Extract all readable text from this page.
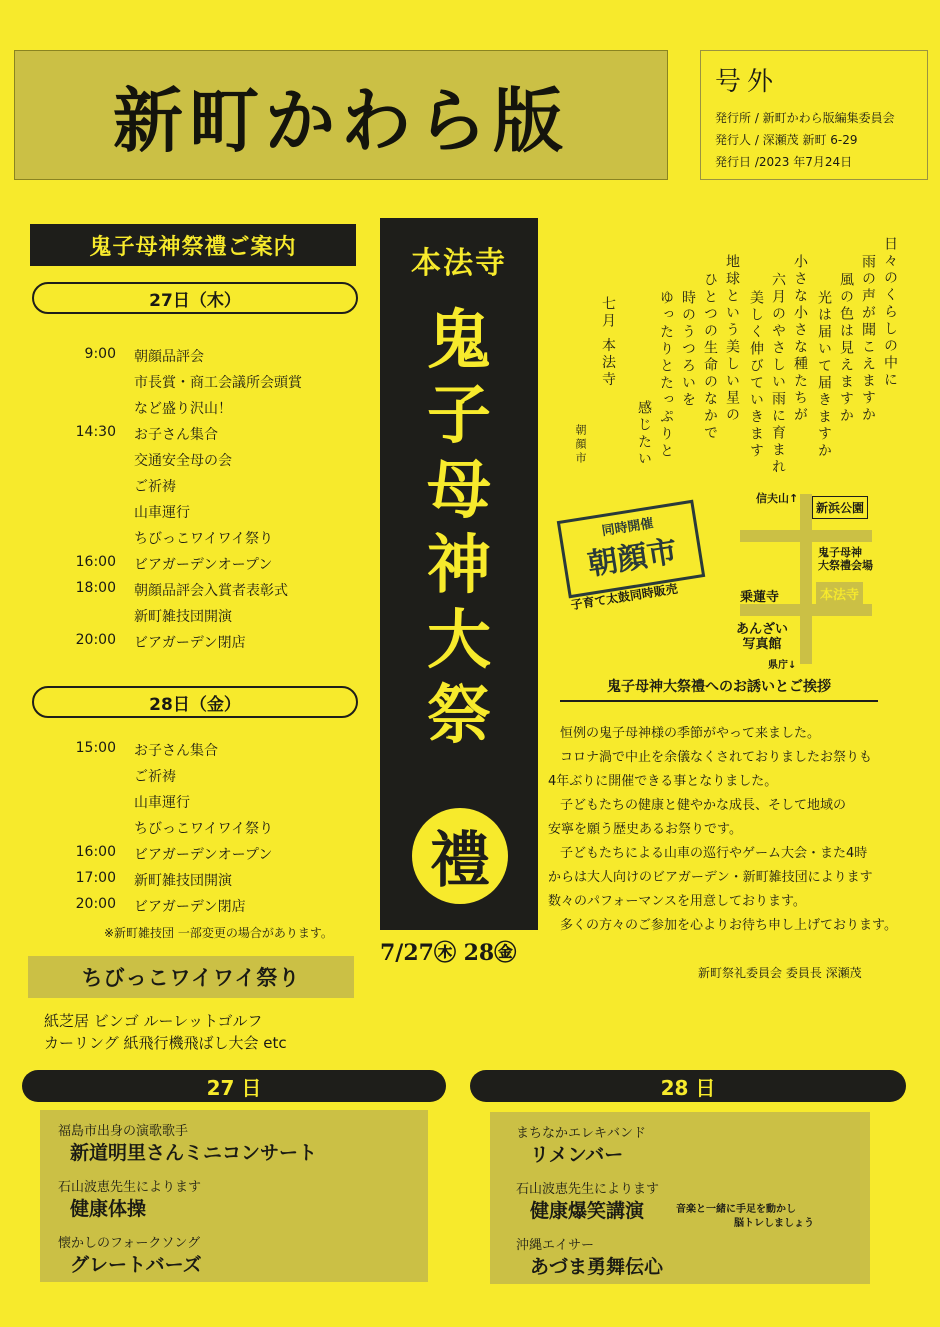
新町かわら版	号外
発行所 / 新町かわら版編集委員会
発行人 / 深瀬茂 新町 6-29
発行日 /2023 年7月24日
鬼子母神祭禮ご案内
27日（木）
9:00 朝顔品評会
市長賞・商工会議所会頭賞
など盛り沢山！
14:30 お子さん集合
交通安全母の会
ご祈祷
山車運行
ちびっこワイワイ祭り
16:00 ビアガーデンオープン
18:00 朝顔品評会入賞者表彰式
新町雑技団開演
20:00 ビアガーデン閉店
28日（金）
15:00 お子さん集合
ご祈祷
山車運行
ちびっこワイワイ祭り
16:00 ビアガーデンオープン
17:00 新町雑技団開演
20:00 ビアガーデン閉店
※新町雑技団 一部変更の場合があります。
本法寺
鬼
子
母
神
大
祭
禮
7/27㊍ 28㊎
日々のくらしの中に
雨の声が聞こえますか
風の色は見えますか
光は届いて届きますか
小さな小さな種たちが
六月のやさしい雨に育まれ
美しく伸びていきます
地球という美しい星の
ひとつの生命のなかで
時のうつろいを
ゆったりとたっぷりと
感じたい
七月 本法寺
朝顔市
同時開催
朝顔市
子育て太鼓同時販売
信夫山↑
新浜公園
鬼子母神
大祭禮会場
乗蓮寺	本法寺
あんざい
写真館
県庁↓
鬼子母神大祭禮へのお誘いとご挨拶
恒例の鬼子母神様の季節がやって来ました。
コロナ渦で中止を余儀なくされておりましたお祭りも
4年ぶりに開催できる事となりました。
子どもたちの健康と健やかな成長、そして地域の
安寧を願う歴史あるお祭りです。
子どもたちによる山車の巡行やゲーム大会・また4時
からは大人向けのビアガーデン・新町雑技団によります
数々のパフォーマンスを用意しております。
多くの方々のご参加を心よりお待ち申し上げております。
新町祭礼委員会 委員長 深瀬茂
ちびっこワイワイ祭り
紙芝居 ビンゴ ルーレットゴルフ
カーリング 紙飛行機飛ばし大会 etc
27 日
福島市出身の演歌歌手
新道明里さんミニコンサート
石山波恵先生によります
健康体操
懐かしのフォークソング
グレートバーズ
28 日
まちなかエレキバンド
リメンバー
石山波恵先生によります
健康爆笑講演	音楽と一緒に手足を動かし
脳トレしましょう
沖縄エイサー
あづま勇舞伝心
